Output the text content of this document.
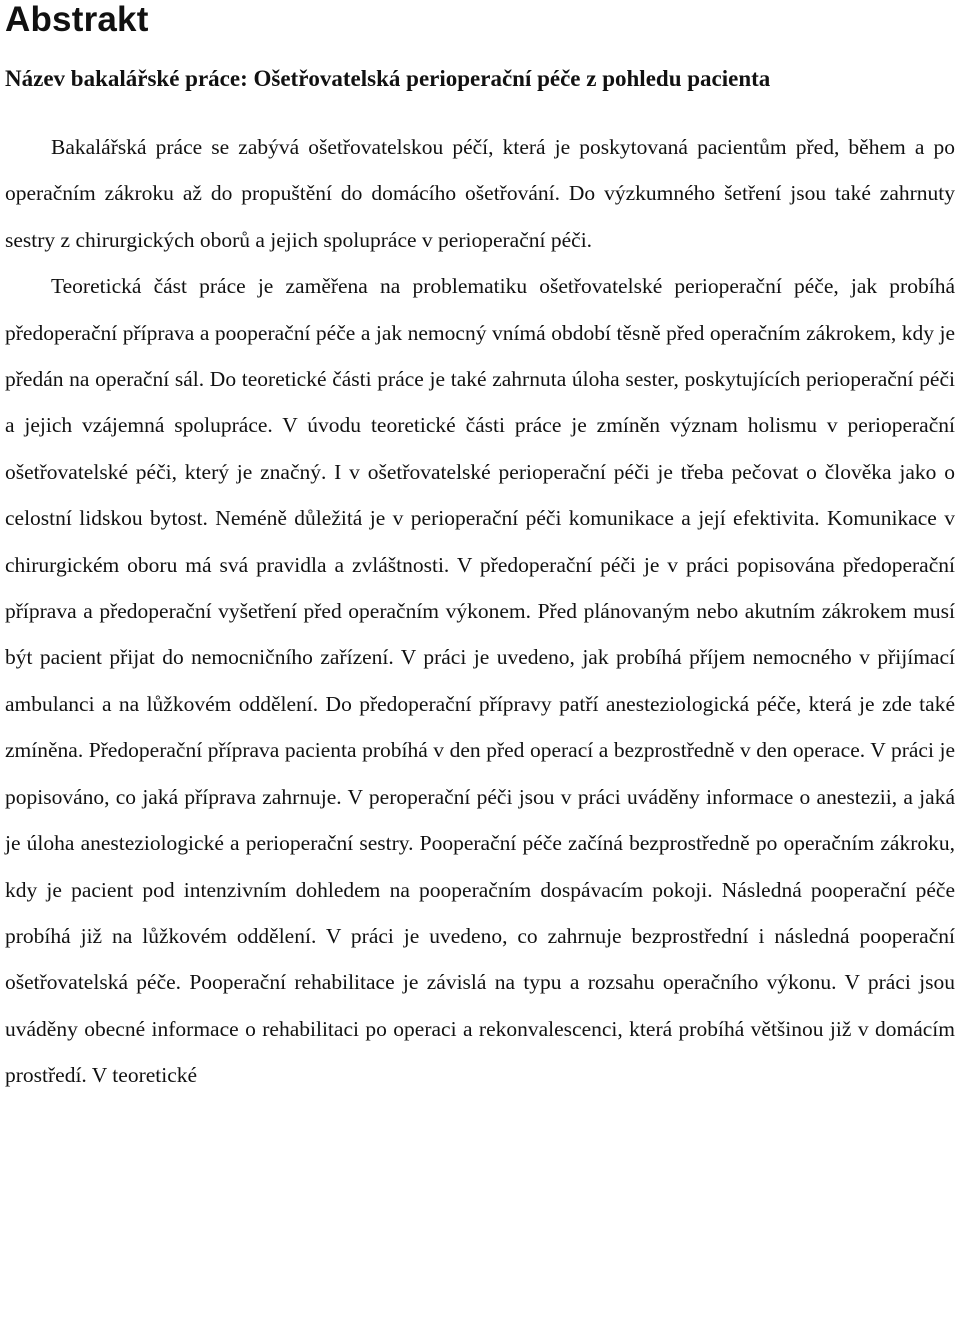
Abstrakt
Název bakalářské práce: Ošetřovatelská perioperační péče z pohledu pacienta

Bakalářská práce se zabývá ošetřovatelskou péčí, která je poskytovaná pacientům před, během a po operačním zákroku až do propuštění do domácího ošetřování. Do výzkumného šetření jsou také zahrnuty sestry z chirurgických oborů a jejich spolupráce v perioperační péči.

Teoretická část práce je zaměřena na problematiku ošetřovatelské perioperační péče, jak probíhá předoperační příprava a pooperační péče a jak nemocný vnímá období těsně před operačním zákrokem, kdy je předán na operační sál. Do teoretické části práce je také zahrnuta úloha sester, poskytujících perioperační péči a jejich vzájemná spolupráce. V úvodu teoretické části práce je zmíněn význam holismu v perioperační ošetřovatelské péči, který je značný. I v ošetřovatelské perioperační péči je třeba pečovat o člověka jako o celostní lidskou bytost. Neméně důležitá je v perioperační péči komunikace a její efektivita. Komunikace v chirurgickém oboru má svá pravidla a zvláštnosti. V předoperační péči je v práci popisována předoperační příprava a předoperační vyšetření před operačním výkonem. Před plánovaným nebo akutním zákrokem musí být pacient přijat do nemocničního zařízení. V práci je uvedeno, jak probíhá příjem nemocného v přijímací ambulanci a na lůžkovém oddělení. Do předoperační přípravy patří anesteziologická péče, která je zde také zmíněna. Předoperační příprava pacienta probíhá v den před operací a bezprostředně v den operace. V práci je popisováno, co jaká příprava zahrnuje. V peroperační péči jsou v práci uváděny informace o anestezii, a jaká je úloha anesteziologické a perioperační sestry. Pooperační péče začíná bezprostředně po operačním zákroku, kdy je pacient pod intenzivním dohledem na pooperačním dospávacím pokoji. Následná pooperační péče probíhá již na lůžkovém oddělení. V práci je uvedeno, co zahrnuje bezprostřední i následná pooperační ošetřovatelská péče. Pooperační rehabilitace je závislá na typu a rozsahu operačního výkonu. V práci jsou uváděny obecné informace o rehabilitaci po operaci a rekonvalescenci, která probíhá většinou již v domácím prostředí. V teoretické
